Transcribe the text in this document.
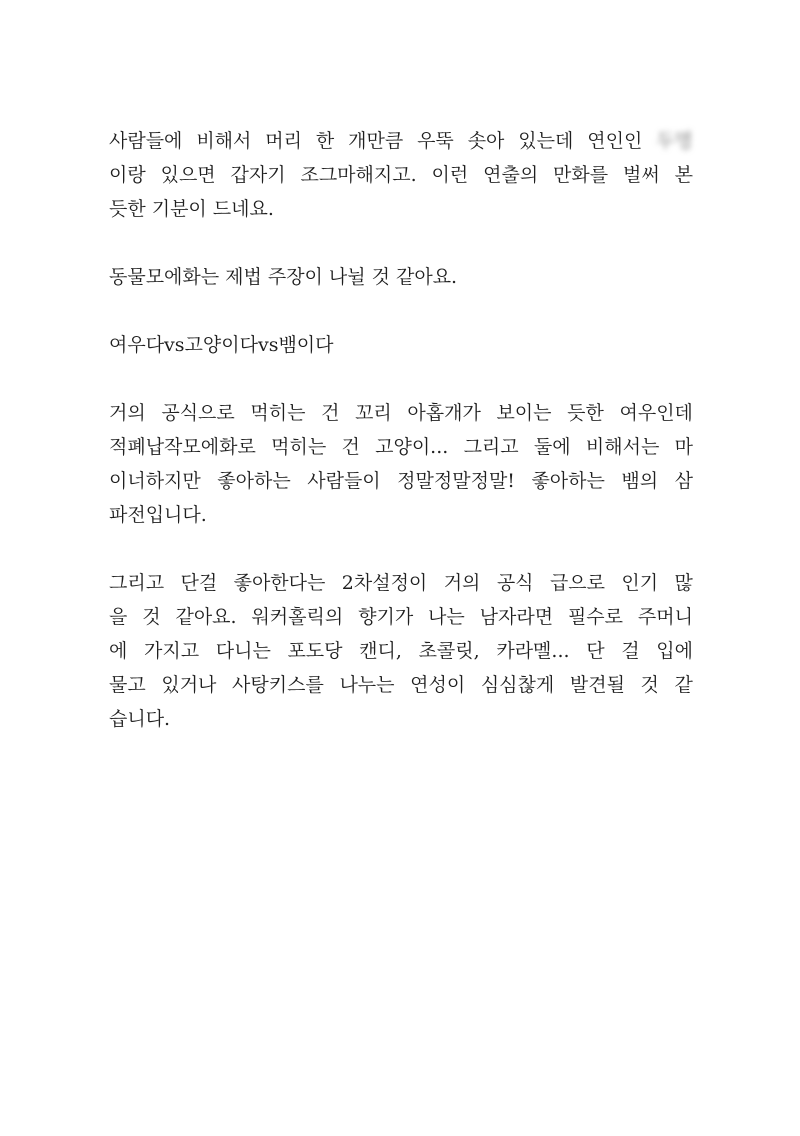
사람들에 비해서 머리 한 개만큼 우뚝 솟아 있는데 연인인 두명
이랑 있으면 갑자기 조그마해지고. 이런 연출의 만화를 벌써 본
듯한 기분이 드네요.
동물모에화는 제법 주장이 나뉠 것 같아요.
여우다vs고양이다vs뱀이다
거의 공식으로 먹히는 건 꼬리 아홉개가 보이는 듯한 여우인데
적폐납작모에화로 먹히는 건 고양이... 그리고 둘에 비해서는 마
이너하지만 좋아하는 사람들이 정말정말정말! 좋아하는 뱀의 삼
파전입니다.
그리고 단걸 좋아한다는 2차설정이 거의 공식 급으로 인기 많
을 것 같아요. 워커홀릭의 향기가 나는 남자라면 필수로 주머니
에 가지고 다니는 포도당 캔디, 초콜릿, 카라멜... 단 걸 입에
물고 있거나 사탕키스를 나누는 연성이 심심찮게 발견될 것 같
습니다.
